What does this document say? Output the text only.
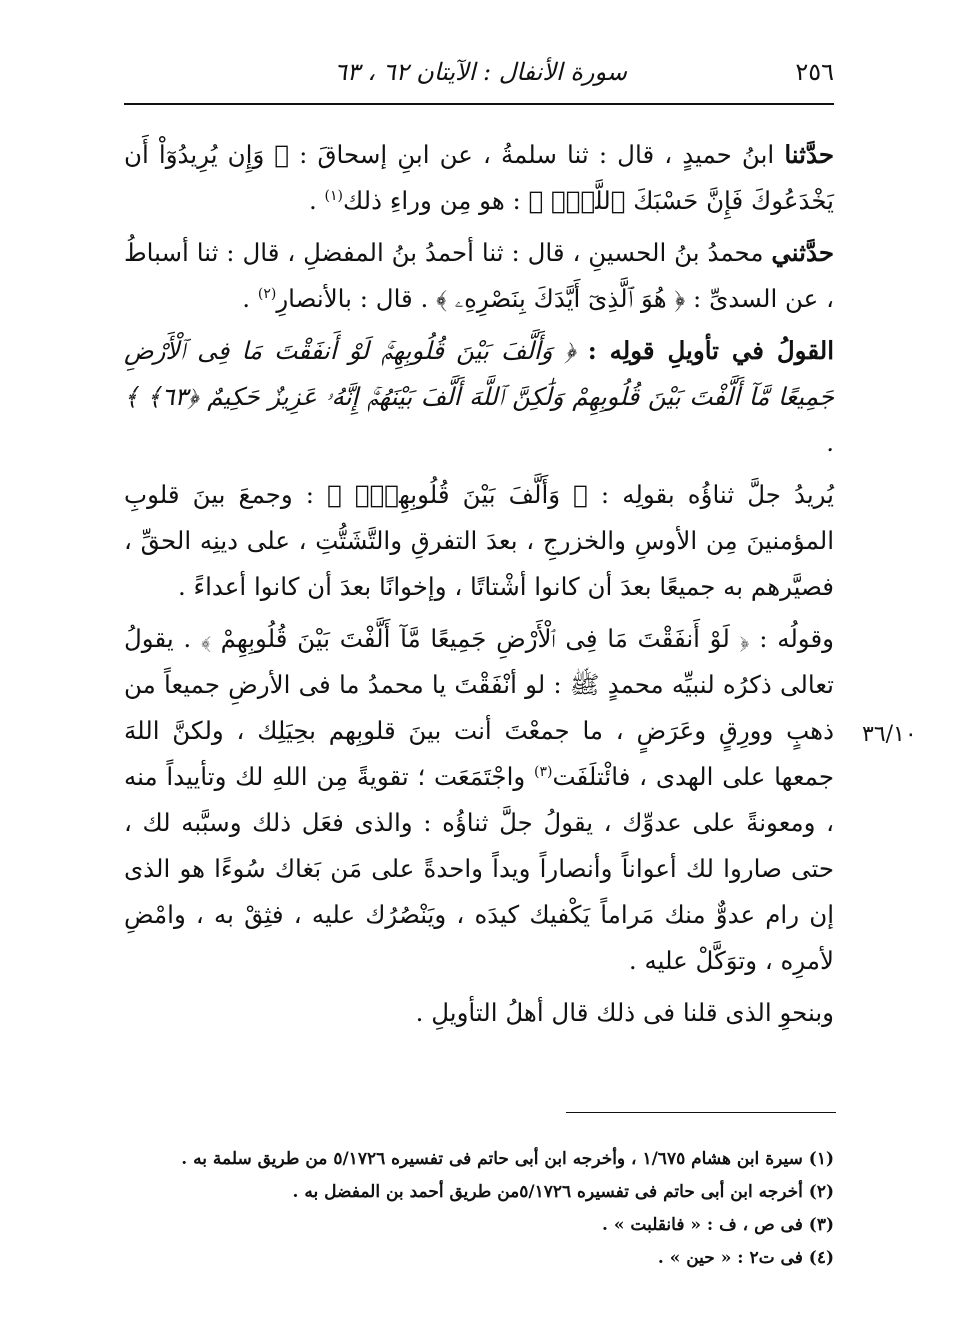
٢٥٦
سورة الأنفال : الآيتان ٦٢ ، ٦٣
٣٦/١٠

حدَّثنا ابنُ حميدٍ ، قال : ثنا سلمةُ ، عن ابنِ إسحاقَ : ﴿ وَإِن يُرِيدُوٓاْ أَن يَخْدَعُوكَ فَإِنَّ حَسْبَكَ ٱللَّهُۚ ﴾ : هو مِن وراءِ ذلك$^{(١)}$ .

حدَّثني محمدُ بنُ الحسينِ ، قال : ثنا أحمدُ بنُ المفضلِ ، قال : ثنا أسباطُ ، عن السدىِّ : ﴿ هُوَ ٱلَّذِىٓ أَيَّدَكَ بِنَصْرِهِۦ ﴾ . قال : بالأنصارِ$^{(٢)}$ .

القولُ في تأويلِ قولِه : ﴿ وَأَلَّفَ بَيْنَ قُلُوبِهِمْۚ لَوْ أَنفَقْتَ مَا فِى ٱلْأَرْضِ جَمِيعًا مَّآ أَلَّفْتَ بَيْنَ قُلُوبِهِمْ وَلَٰكِنَّ ٱللَّهَ أَلَّفَ بَيْنَهُمْۚ إِنَّهُۥ عَزِيزٌ حَكِيمٌ ﴿٦٣﴾ ﴾ .

يُريدُ جلَّ ثناؤُه بقولِه : ﴿ وَأَلَّفَ بَيْنَ قُلُوبِهِمْۚ ﴾ : وجمعَ بينَ قلوبِ المؤمنينَ مِن الأوسِ والخزرجِ ، بعدَ التفرقِ والتَّشَتُّتِ ، على دينِه الحقِّ ، فصيَّرهم به جميعًا بعدَ أن كانوا أشْتاتًا ، وإخوانًا بعدَ أن كانوا أعداءً .

وقولُه : ﴿ لَوْ أَنفَقْتَ مَا فِى ٱلْأَرْضِ جَمِيعًا مَّآ أَلَّفْتَ بَيْنَ قُلُوبِهِمْ ﴾ . يقولُ تعالى ذكرُه لنبيِّه محمدٍ ﷺ : لو أنْفَقْتَ يا محمدُ ما فى الأرضِ جميعاً من ذهبٍ وورِقٍ وعَرَضٍ ، ما جمعْتَ أنت بينَ قلوبِهم بحِيَلِك ، ولكنَّ اللهَ جمعها على الهدى ، فائْتلَفَت$^{(٣)}$ واجْتَمَعَت ؛ تقويةً مِن اللهِ لك وتأييداً منه ، ومعونةً على عدوِّك ، يقولُ جلَّ ثناؤُه : والذى فعَل ذلك وسبَّبه لك ، حتى صاروا لك أعواناً وأنصاراً ويداً واحدةً على مَن بَغاك سُوءًا هو الذى إن رام عدوٌّ منك مَراماً يَكْفيك كيدَه ، ويَنْصُرُك عليه ، فثِقْ به ، وامْضِ لأمرِه ، وتوَكَّلْ عليه .

وبنحوِ الذى قلنا فى ذلك قال أهلُ التأويلِ .

(١) سيرة ابن هشام ١/٦٧٥ ، وأخرجه ابن أبى حاتم فى تفسيره ٥/١٧٢٦ من طريق سلمة به .
(٢) أخرجه ابن أبى حاتم فى تفسيره ٥/١٧٢٦من طريق أحمد بن المفضل به .
(٣) فى ص ، ف : « فانقلبت » .
(٤) فى ت٢ : « حين » .
